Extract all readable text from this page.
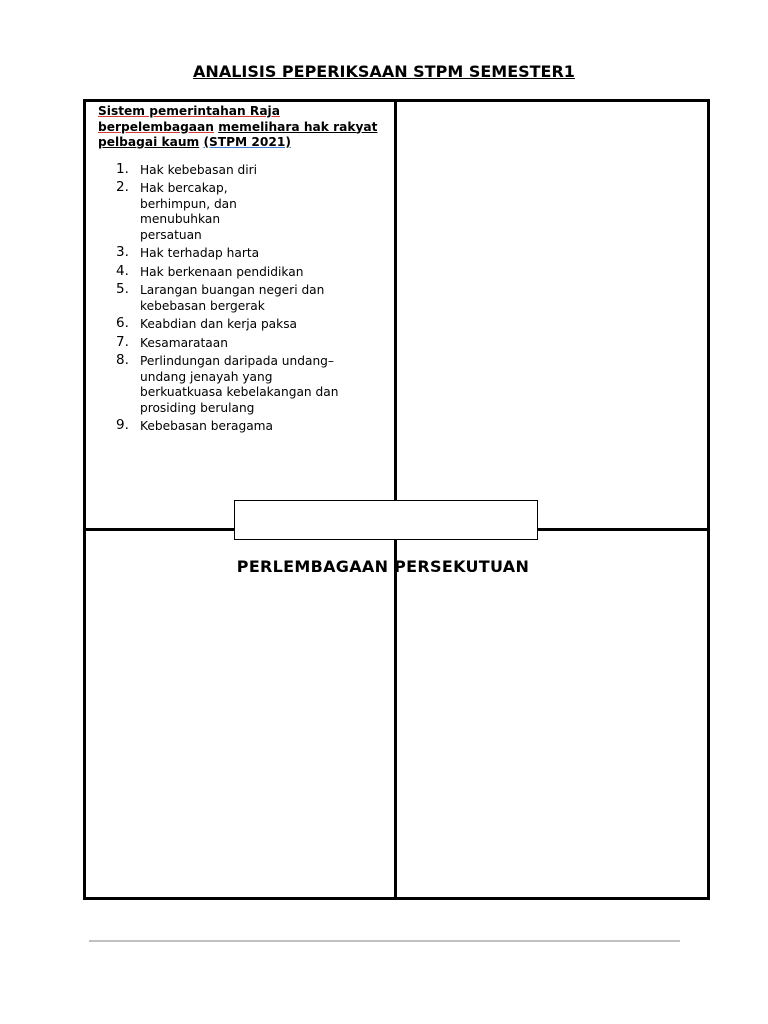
ANALISIS PEPERIKSAAN STPM SEMESTER1

Sistem pemerintahan Raja berpelembagaan memelihara hak rakyat pelbagai kaum (STPM 2021)

1. Hak kebebasan diri
2. Hak bercakap, berhimpun, dan menubuhkan persatuan
3. Hak terhadap harta
4. Hak berkenaan pendidikan
5. Larangan buangan negeri dan kebebasan bergerak
6. Keabdian dan kerja paksa
7. Kesamarataan
8. Perlindungan daripada undang–undang jenayah yang berkuatkuasa kebelakangan dan prosiding berulang
9. Kebebasan beragama
PERLEMBAGAAN PERSEKUTUAN
